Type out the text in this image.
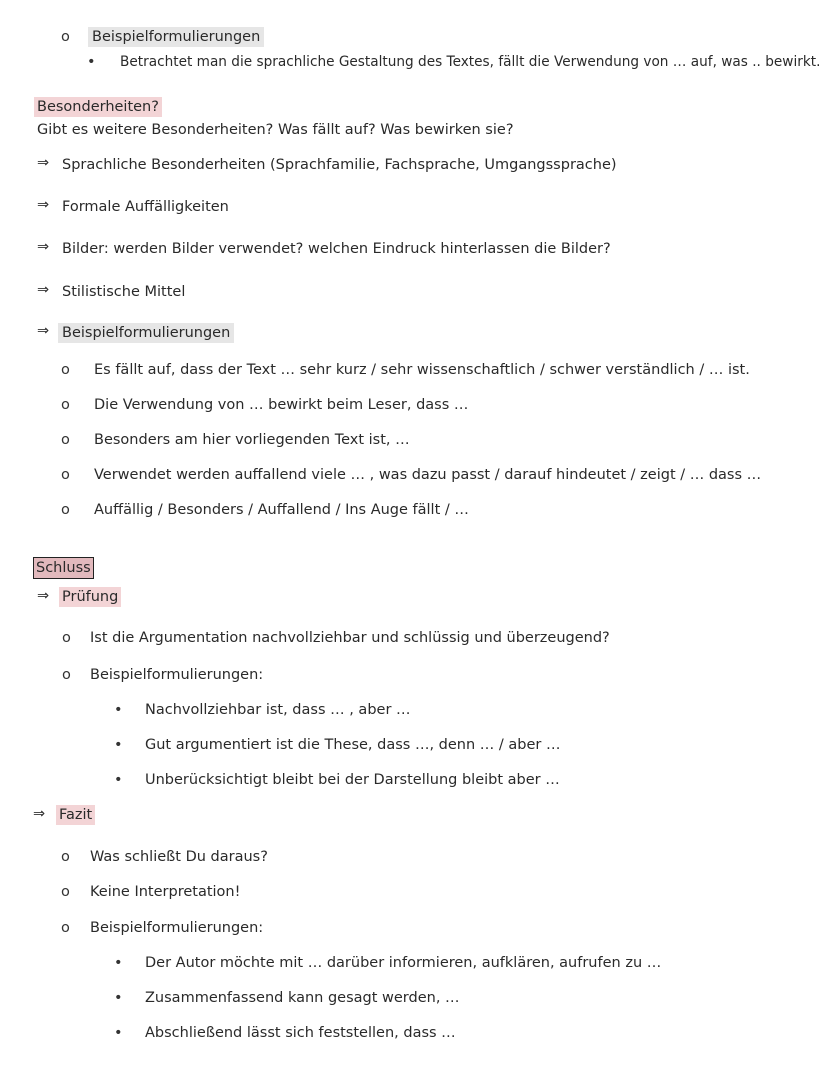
o Beispielformulierungen
• Betrachtet man die sprachliche Gestaltung des Textes, fällt die Verwendung von … auf, was .. bewirkt.
Besonderheiten?
Gibt es weitere Besonderheiten? Was fällt auf? Was bewirken sie?
⇒ Sprachliche Besonderheiten (Sprachfamilie, Fachsprache, Umgangssprache)
⇒ Formale Auffälligkeiten
⇒ Bilder: werden Bilder verwendet? welchen Eindruck hinterlassen die Bilder?
⇒ Stilistische Mittel
⇒ Beispielformulierungen
o Es fällt auf, dass der Text … sehr kurz / sehr wissenschaftlich / schwer verständlich / … ist.
o Die Verwendung von … bewirkt beim Leser, dass …
o Besonders am hier vorliegenden Text ist, …
o Verwendet werden auffallend viele … , was dazu passt / darauf hindeutet / zeigt / … dass …
o Auffällig / Besonders / Auffallend / Ins Auge fällt / …
Schluss
⇒ Prüfung
o Ist die Argumentation nachvollziehbar und schlüssig und überzeugend?
o Beispielformulierungen:
• Nachvollziehbar ist, dass … , aber …
• Gut argumentiert ist die These, dass …, denn … / aber …
• Unberücksichtigt bleibt bei der Darstellung bleibt aber …
⇒ Fazit
o Was schließt Du daraus?
o Keine Interpretation!
o Beispielformulierungen:
• Der Autor möchte mit … darüber informieren, aufklären, aufrufen zu …
• Zusammenfassend kann gesagt werden, …
• Abschließend lässt sich feststellen, dass …
